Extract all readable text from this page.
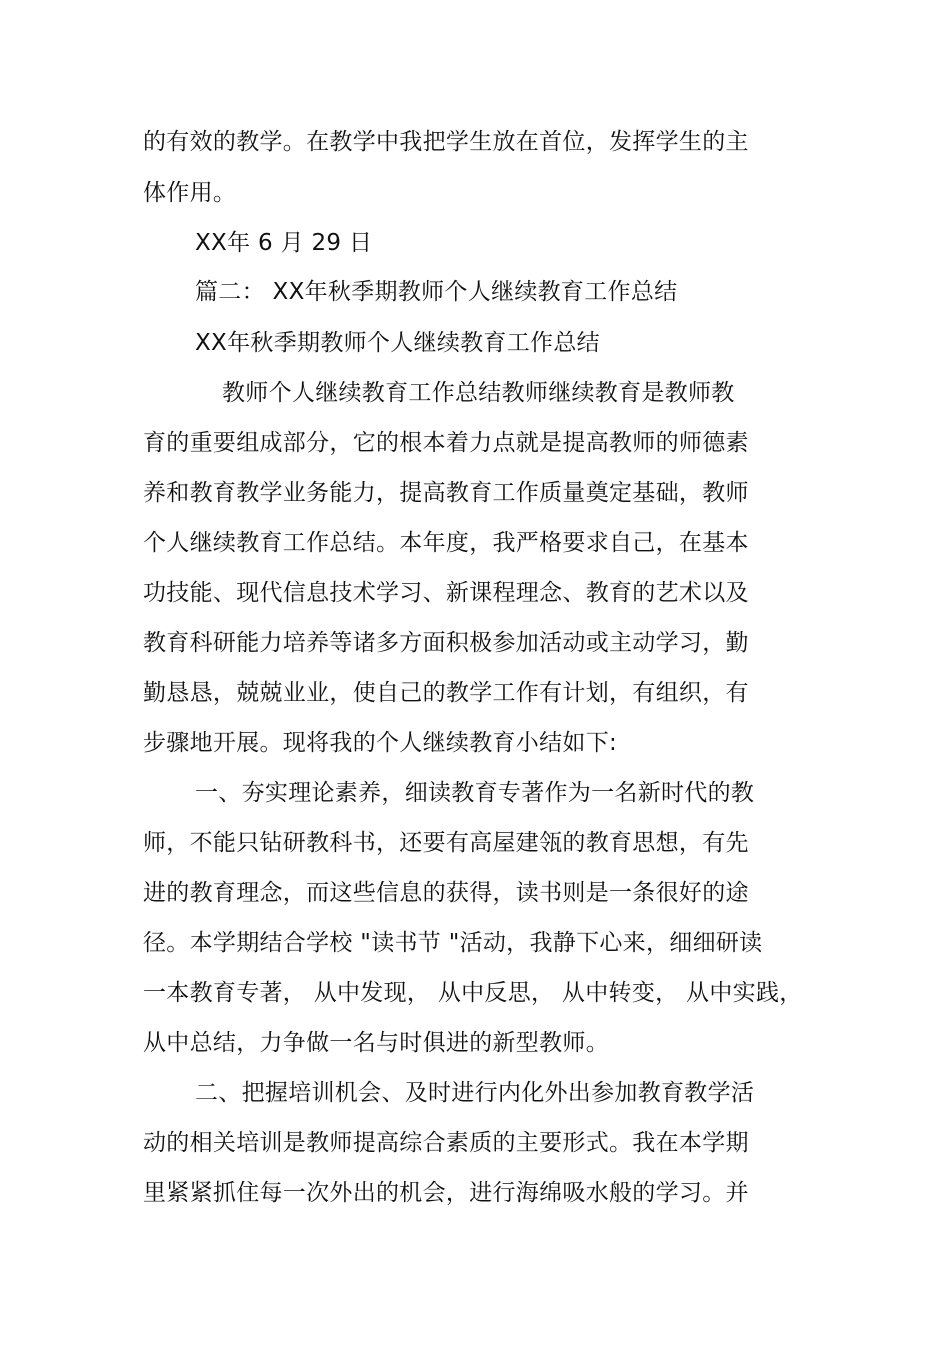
的有效的教学。在教学中我把学生放在首位，发挥学生的主
体作用。
XX年 6 月 29 日
篇二： XX年秋季期教师个人继续教育工作总结
XX年秋季期教师个人继续教育工作总结
教师个人继续教育工作总结教师继续教育是教师教
育的重要组成部分，它的根本着力点就是提高教师的师德素
养和教育教学业务能力，提高教育工作质量奠定基础，教师
个人继续教育工作总结。本年度，我严格要求自己，在基本
功技能、现代信息技术学习、新课程理念、教育的艺术以及
教育科研能力培养等诸多方面积极参加活动或主动学习，勤
勤恳恳，兢兢业业，使自己的教学工作有计划，有组织，有
步骤地开展。现将我的个人继续教育小结如下:
一、夯实理论素养，细读教育专著作为一名新时代的教
师，不能只钻研教科书，还要有高屋建瓴的教育思想，有先
进的教育理念，而这些信息的获得，读书则是一条很好的途
径。本学期结合学校 "读书节 "活动，我静下心来，细细研读
一本教育专著， 从中发现， 从中反思， 从中转变， 从中实践，
从中总结，力争做一名与时俱进的新型教师。
二、把握培训机会、及时进行内化外出参加教育教学活
动的相关培训是教师提高综合素质的主要形式。我在本学期
里紧紧抓住每一次外出的机会，进行海绵吸水般的学习。并
